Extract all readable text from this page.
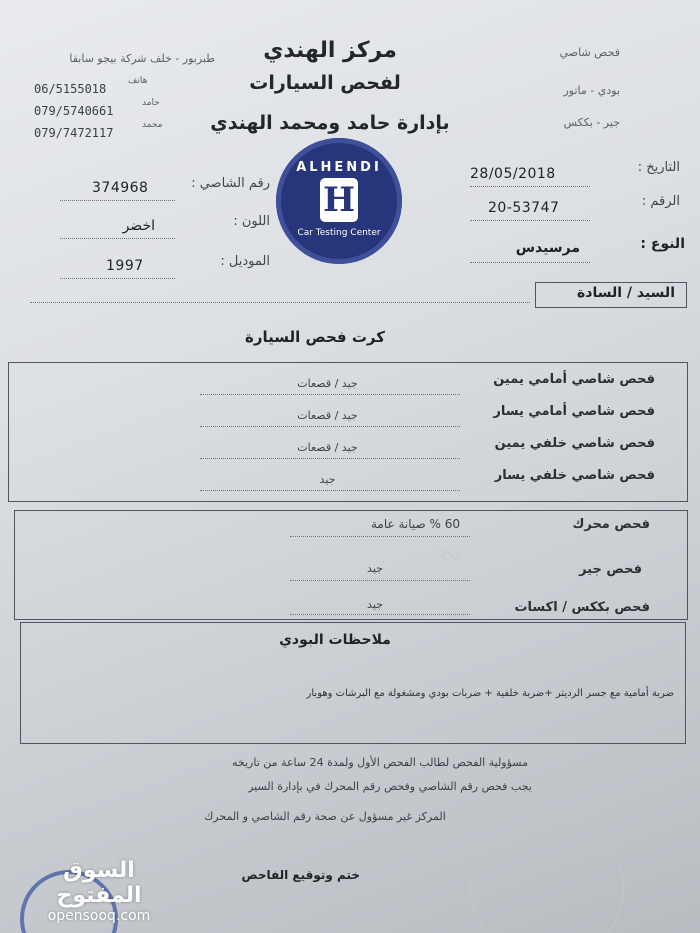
∾
مركز الهندي
لفحص السيارات
بإدارة حامد ومحمد الهندي
طبربور - خلف شركة بيجو سابقا
06/5155018
هاتف
079/5740661
حامد
079/7472117
محمد
فحص شاصي
بودي - ماتور
جير - بككس
ALHENDI
H
Car Testing Center
التاريخ :
28/05/2018
الرقم :
20-53747
النوع :
مرسيدس
رقم الشاصي :
374968
اللون :
اخضر
الموديل :
1997
السيد / السادة
كرت فحص السيارة
فحص شاصي أمامي يمين
جيد / قصعات
فحص شاصي أمامي يسار
جيد / قصعات
فحص شاصي خلفي يمين
جيد / قصعات
فحص شاصي خلفي يسار
جيد
فحص محرك
60 % صيانة عامة
فحص جير
جيد
فحص بككس / اكسات
جيد
ملاحظات البودي
ضربة أمامية مع جسر الرديتر +ضربة خلفية + ضربات بودي ومشغولة مع البرشات وهوبار
مسؤولية الفحص لطالب الفحص الأول ولمدة 24 ساعة من تاريخه
يجب فحص رقم الشاصي وفحص رقم المحرك في بإدارة السير
المركز غير مسؤول عن صحة رقم الشاصي و المحرك
ختم وتوقيع الفاحص
السوق المفتوح
opensooq.com
